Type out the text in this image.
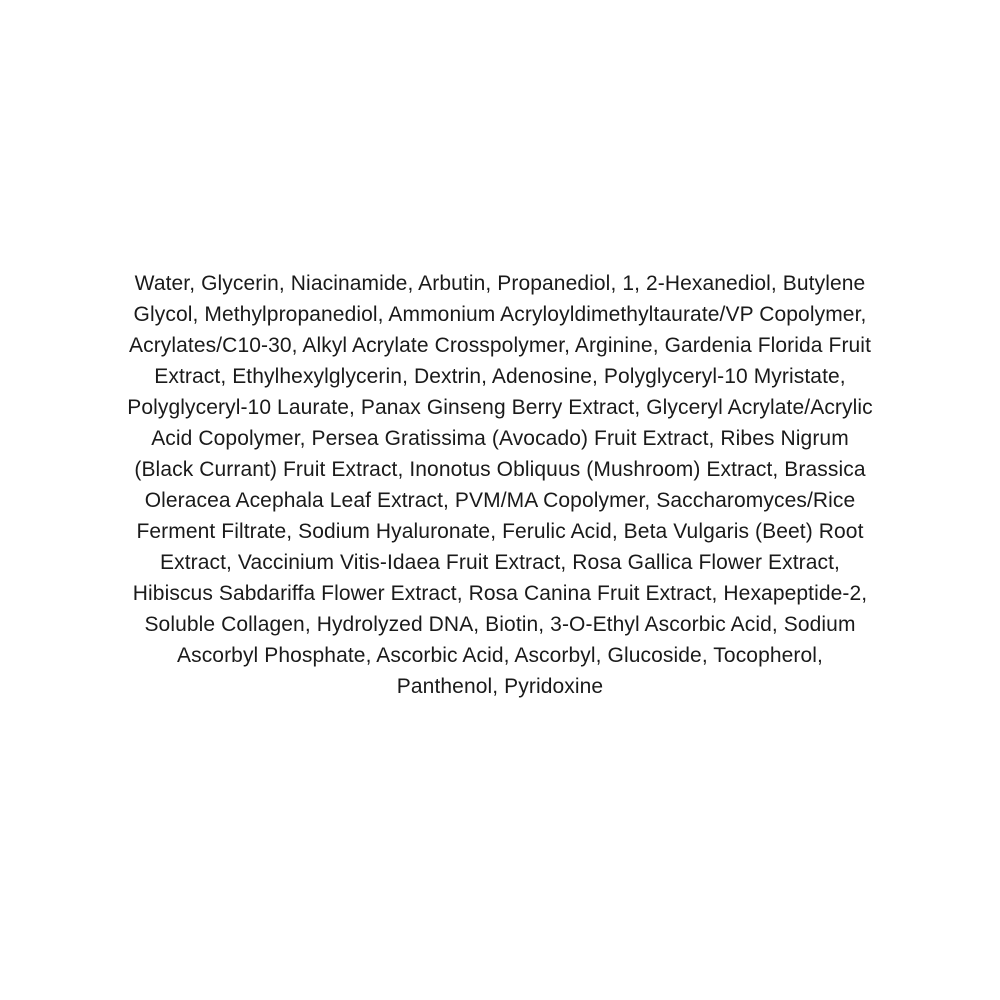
Water, Glycerin, Niacinamide, Arbutin, Propanediol, 1, 2-Hexanediol, Butylene
Glycol, Methylpropanediol, Ammonium Acryloyldimethyltaurate/VP Copolymer,
Acrylates/C10-30, Alkyl Acrylate Crosspolymer, Arginine, Gardenia Florida Fruit
Extract, Ethylhexylglycerin, Dextrin, Adenosine, Polyglyceryl-10 Myristate,
Polyglyceryl-10 Laurate, Panax Ginseng Berry Extract, Glyceryl Acrylate/Acrylic
Acid Copolymer, Persea Gratissima (Avocado) Fruit Extract, Ribes Nigrum
(Black Currant) Fruit Extract, Inonotus Obliquus (Mushroom) Extract, Brassica
Oleracea Acephala Leaf Extract, PVM/MA Copolymer, Saccharomyces/Rice
Ferment Filtrate, Sodium Hyaluronate, Ferulic Acid, Beta Vulgaris (Beet) Root
Extract, Vaccinium Vitis-Idaea Fruit Extract, Rosa Gallica Flower Extract,
Hibiscus Sabdariffa Flower Extract, Rosa Canina Fruit Extract, Hexapeptide-2,
Soluble Collagen, Hydrolyzed DNA, Biotin, 3-O-Ethyl Ascorbic Acid, Sodium
Ascorbyl Phosphate, Ascorbic Acid, Ascorbyl, Glucoside, Tocopherol,
Panthenol, Pyridoxine
